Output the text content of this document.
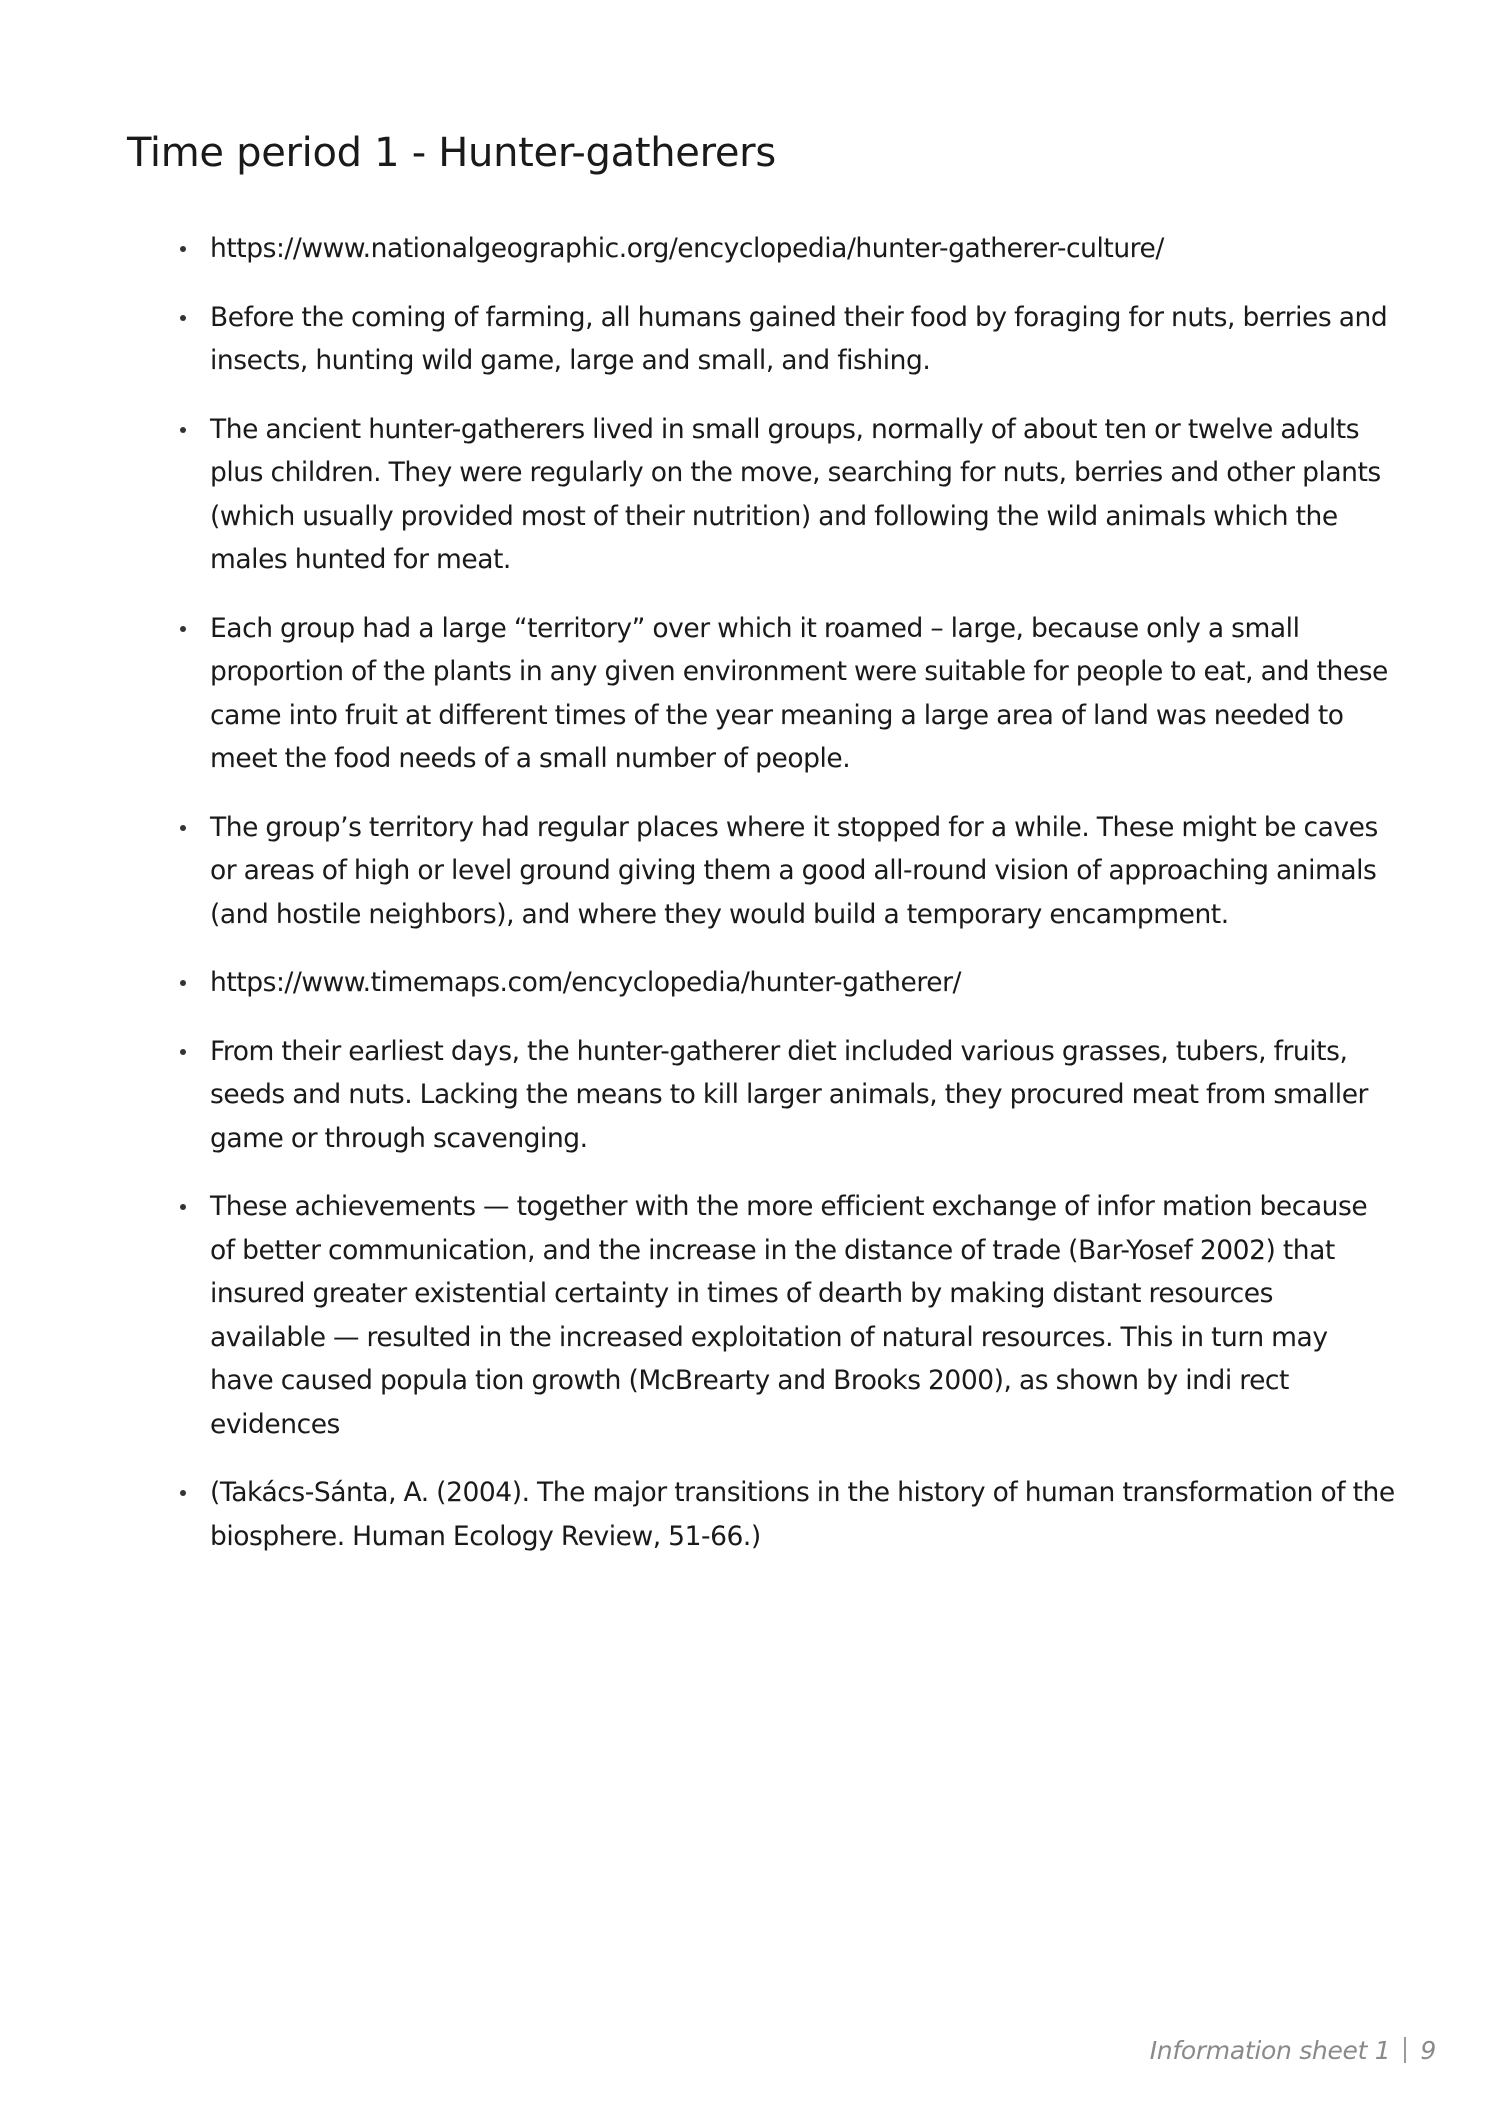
Time period 1 - Hunter-gatherers
https://www.nationalgeographic.org/encyclopedia/hunter-gatherer-culture/
Before the coming of farming, all humans gained their food by foraging for nuts, berries and insects, hunting wild game, large and small, and fishing.
The ancient hunter-gatherers lived in small groups, normally of about ten or twelve adults plus children. They were regularly on the move, searching for nuts, berries and other plants (which usually provided most of their nutrition) and following the wild animals which the males hunted for meat.
Each group had a large “territory” over which it roamed – large, because only a small proportion of the plants in any given environment were suitable for people to eat, and these came into fruit at different times of the year meaning a large area of land was needed to meet the food needs of a small number of people.
The group’s territory had regular places where it stopped for a while. These might be caves or areas of high or level ground giving them a good all-round vision of approaching animals (and hostile neighbors), and where they would build a temporary encampment.
https://www.timemaps.com/encyclopedia/hunter-gatherer/
From their earliest days, the hunter-gatherer diet included various grasses, tubers, fruits, seeds and nuts. Lacking the means to kill larger animals, they procured meat from smaller game or through scavenging.
These achievements — together with the more efficient exchange of infor mation because of better communication, and the increase in the distance of trade (Bar-Yosef 2002) that insured greater existential certainty in times of dearth by making distant resources available — resulted in the increased exploitation of natural resources. This in turn may have caused popula tion growth (McBrearty and Brooks 2000), as shown by indi rect evidences
(Takács-Sánta, A. (2004). The major transitions in the history of human transformation of the biosphere. Human Ecology Review, 51-66.)
Information sheet 1 9
